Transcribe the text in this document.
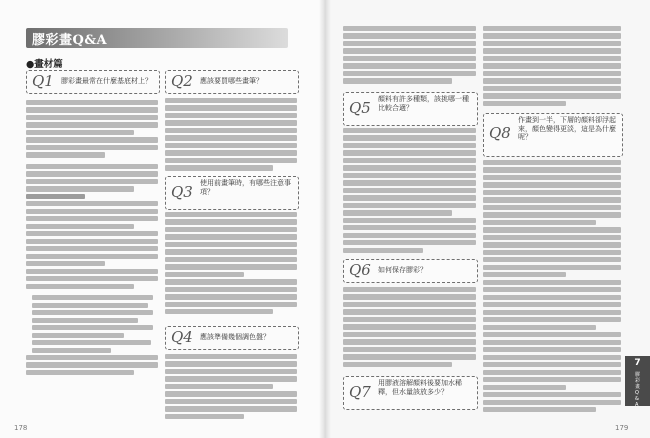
膠彩畫Q&A
●畫材篇
Q1 膠彩畫最常在什麼基底材上？ Q2 應該要買哪些畫筆？
Q3 使用前畫筆時，有哪些注意事項？
Q4 應該準備幾個調色盤？
178
Q5 顏料有許多種類，該挑哪一種比較合適？
Q6 如何保存膠彩？
Q7 用膠液溶解顏料後要加水稀釋，但水量該放多少？
Q8
作畫到一半，下層的顏料卻浮起來，顏色變得更淡，這是為什麼呢？
179
7
膠彩畫Q&A
